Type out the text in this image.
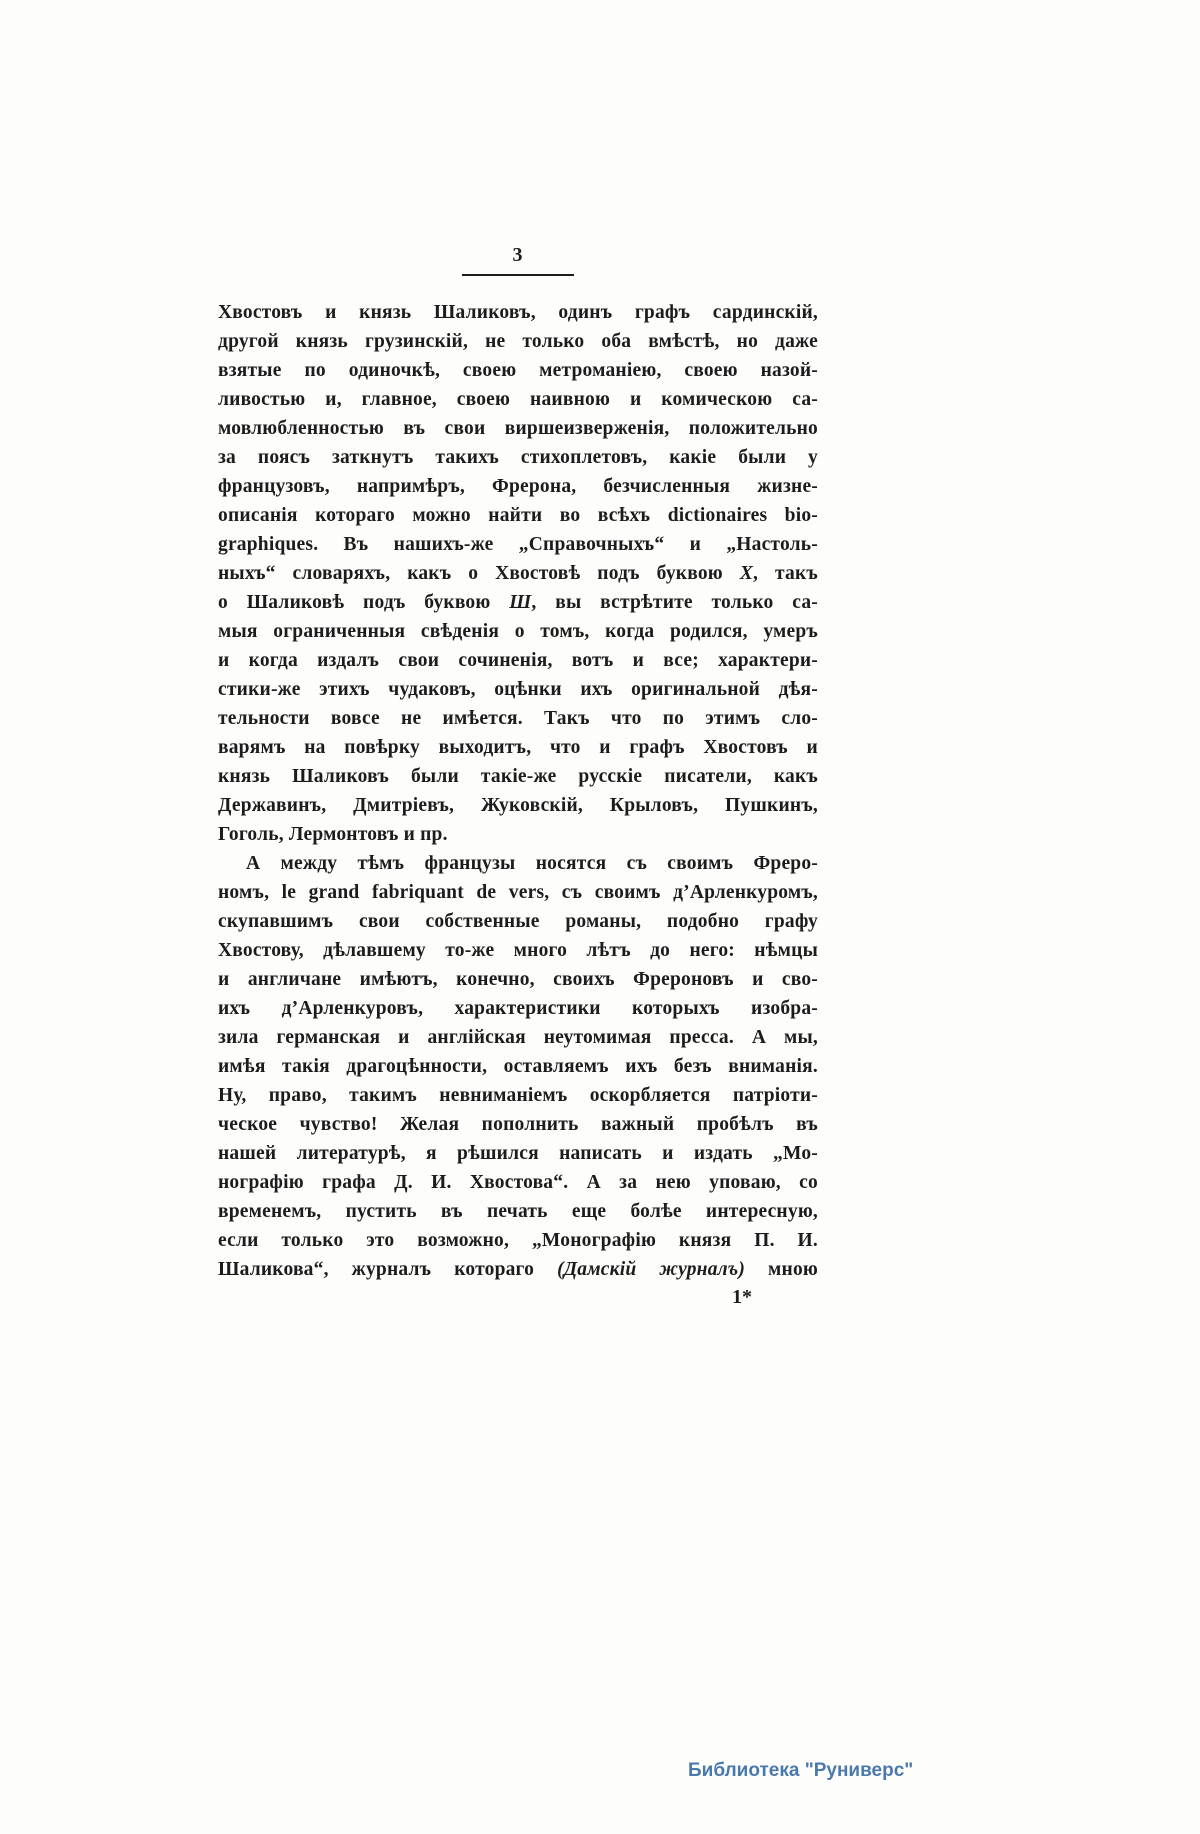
3
Хвостовъ и князь Шаликовъ, одинъ графъ сардинскій,
другой князь грузинскій, не только оба вмѣстѣ, но даже
взятые по одиночкѣ, своею метроманіею, своею назой-
ливостью и, главное, своею наивною и комическою са-
мовлюбленностью въ свои виршеизверженія, положительно
за поясъ заткнутъ такихъ стихоплетовъ, какіе были у
французовъ, напримѣръ, Фрерона, безчисленныя жизне-
описанія котораго можно найти во всѣхъ dictionaires bio-
graphiques. Въ нашихъ-же „Справочныхъ“ и „Настоль-
ныхъ“ словаряхъ, какъ о Хвостовѣ подъ буквою X, такъ
о Шаликовѣ подъ буквою Ш, вы встрѣтите только са-
мыя ограниченныя свѣденія о томъ, когда родился, умеръ
и когда издалъ свои сочиненія, вотъ и все; характери-
стики-же этихъ чудаковъ, оцѣнки ихъ оригинальной дѣя-
тельности вовсе не имѣется. Такъ что по этимъ сло-
варямъ на повѣрку выходитъ, что и графъ Хвостовъ и
князь Шаликовъ были такіе-же русскіе писатели, какъ
Державинъ, Дмитріевъ, Жуковскій, Крыловъ, Пушкинъ,
Гоголь, Лермонтовъ и пр.
А между тѣмъ французы носятся съ своимъ Фреро-
номъ, le grand fabriquant de vers, съ своимъ д’Арленкуромъ,
скупавшимъ свои собственные романы, подобно графу
Хвостову, дѣлавшему то-же много лѣтъ до него: нѣмцы
и англичане имѣютъ, конечно, своихъ Фрероновъ и сво-
ихъ д’Арленкуровъ, характеристики которыхъ изобра-
зила германская и англійская неутомимая пресса. А мы,
имѣя такія драгоцѣнности, оставляемъ ихъ безъ вниманія.
Ну, право, такимъ невниманіемъ оскорбляется патріоти-
ческое чувство! Желая пополнить важный пробѣлъ въ
нашей литературѣ, я рѣшился написать и издать „Мо-
нографію графа Д. И. Хвостова“. А за нею уповаю, со
временемъ, пустить въ печать еще болѣе интересную,
если только это возможно, „Монографію князя П. И.
Шаликова“, журналъ котораго (Дамскій журналъ) мною
1*
Библиотека "Руниверс"
